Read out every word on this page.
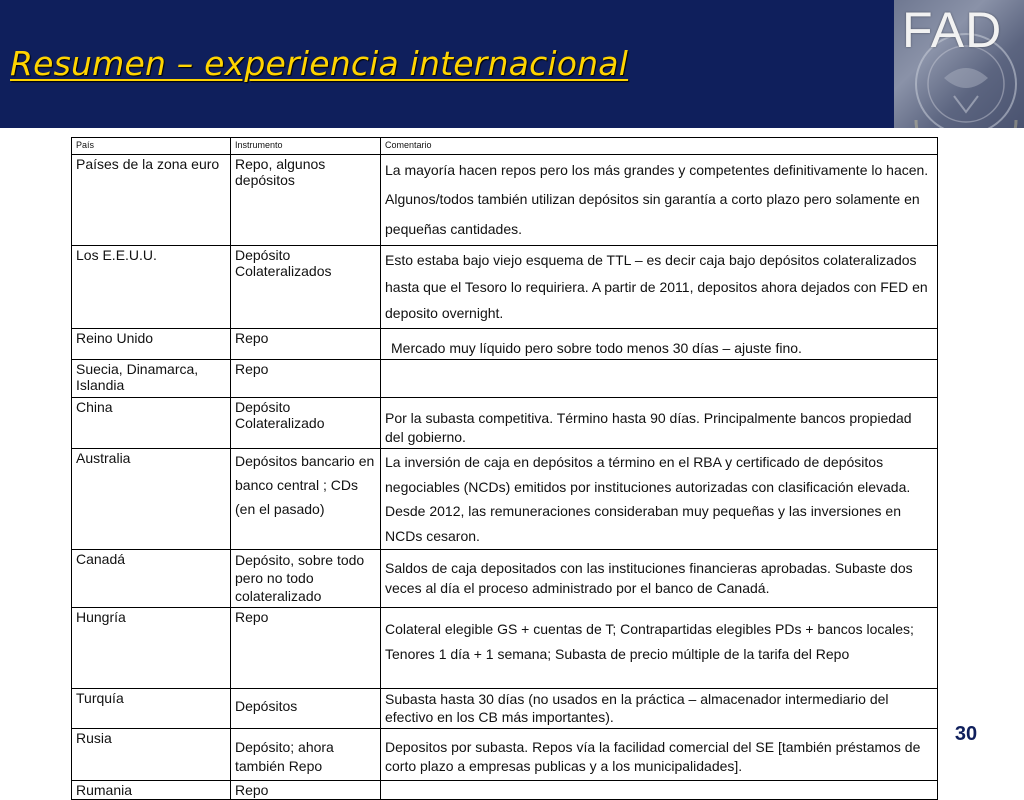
Resumen – experiencia internacional
FAD
País	Instrumento	Comentario
Países de la zona euro	Repo, algunos depósitos	La mayoría hacen repos pero los más grandes y competentes definitivamente lo hacen. Algunos/todos también utilizan depósitos sin garantía a corto plazo pero solamente en pequeñas cantidades.

Los E.E.U.U.	Depósito Colateralizados	Esto estaba bajo viejo esquema de TTL – es decir caja bajo depósitos colateralizados hasta que el Tesoro lo requiriera. A partir de 2011, depositos ahora dejados con FED en deposito overnight.

Reino Unido	Repo	Mercado muy líquido pero sobre todo menos 30 días – ajuste fino.

Suecia, Dinamarca, Islandia	Repo	
China	Depósito Colateralizado	Por la subasta competitiva. Término hasta 90 días. Principalmente bancos propiedad del gobierno.

Australia	Depósitos bancario en banco central ; CDs (en el pasado)	La inversión de caja en depósitos a término en el RBA y certificado de depósitos negociables (NCDs) emitidos por instituciones autorizadas con clasificación elevada. Desde 2012, las remuneraciones consideraban muy pequeñas y las inversiones en NCDs cesaron.

Canadá	Depósito, sobre todo pero no todo colateralizado	Saldos de caja depositados con las instituciones financieras aprobadas. Subaste dos veces al día el proceso administrado por el banco de Canadá.

Hungría	Repo	Colateral elegible GS + cuentas de T; Contrapartidas elegibles PDs + bancos locales; Tenores 1 día + 1 semana; Subasta de precio múltiple de la tarifa del Repo

Turquía	Depósitos	Subasta hasta 30 días (no usados en la práctica – almacenador intermediario del efectivo en los CB más importantes).

Rusia	Depósito; ahora también Repo	Depositos por subasta. Repos vía la facilidad comercial del SE [también préstamos de corto plazo a empresas publicas y a los municipalidades].

Rumania	Repo	
30
